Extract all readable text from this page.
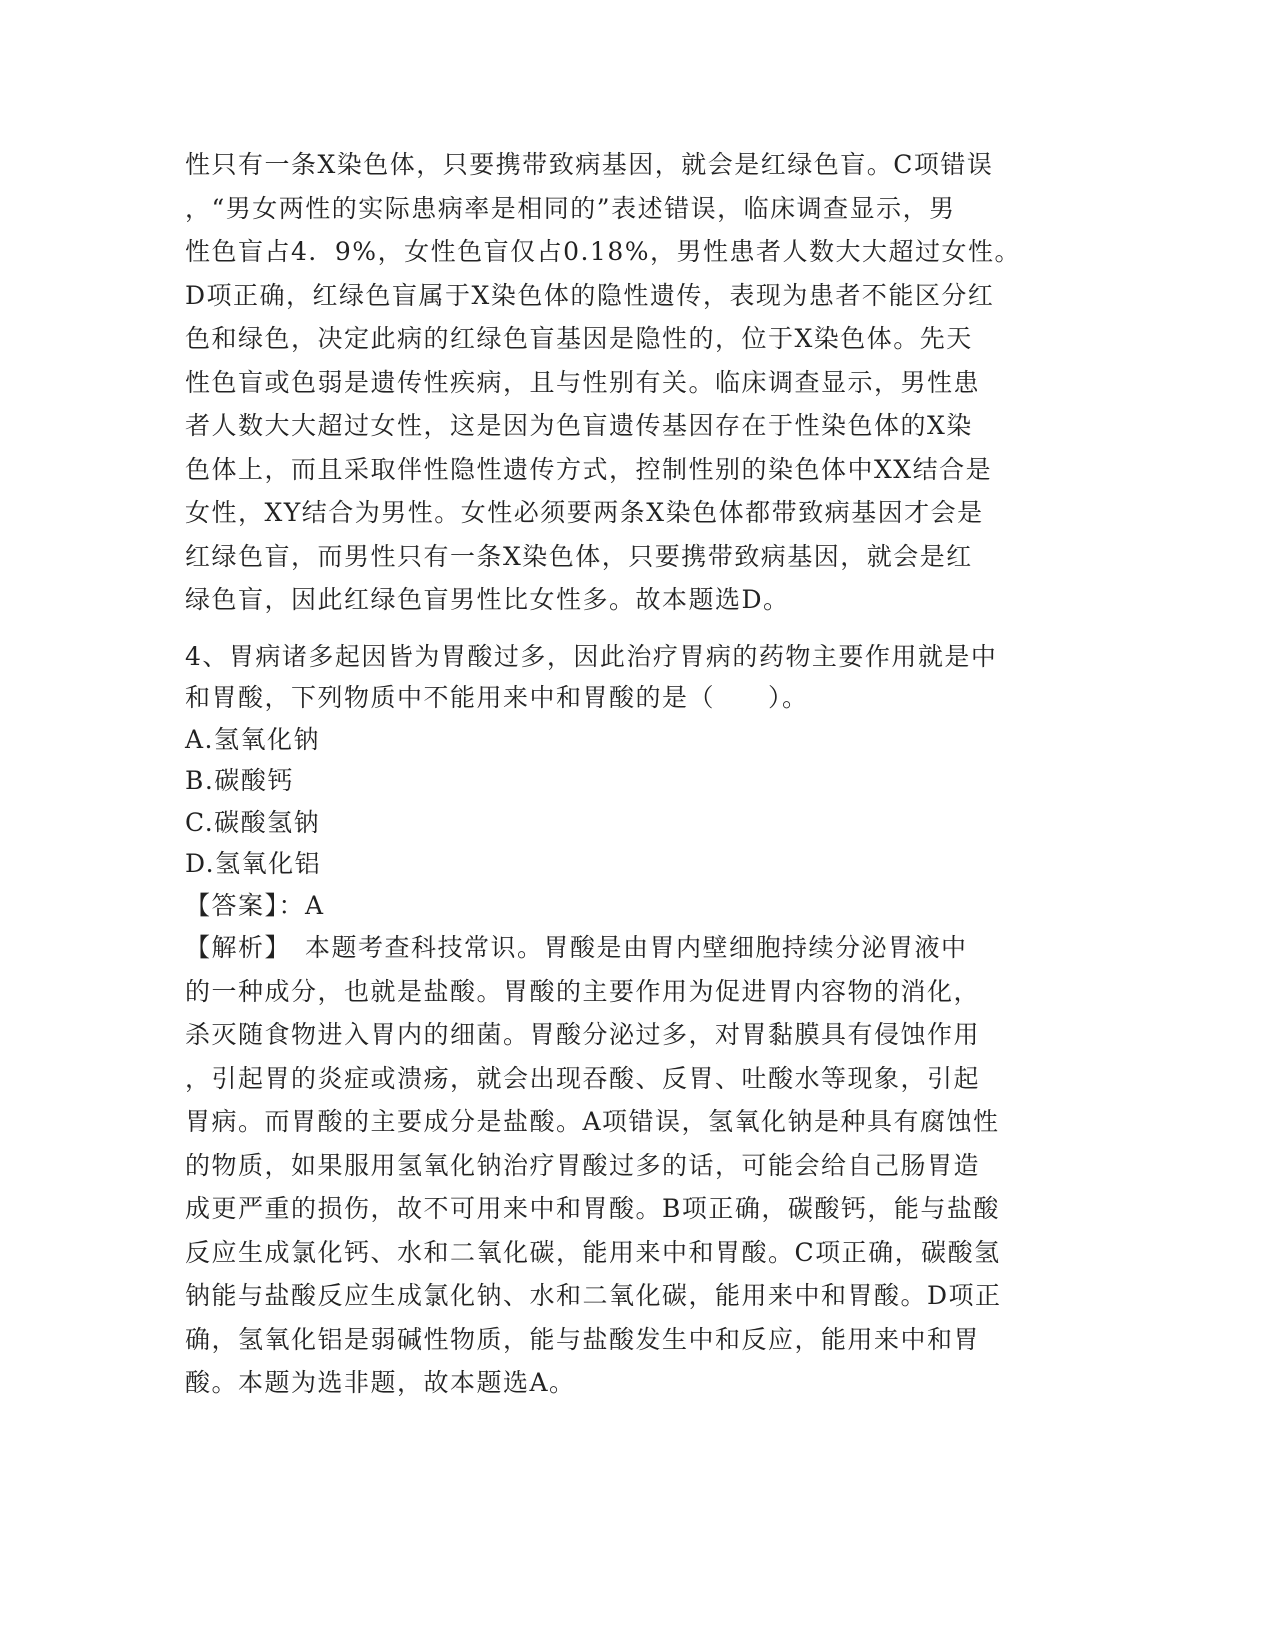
性只有一条X染色体，只要携带致病基因，就会是红绿色盲。C项错误
，“男女两性的实际患病率是相同的”表述错误，临床调查显示，男
性色盲占4．9%，女性色盲仅占0.18%，男性患者人数大大超过女性。
D项正确，红绿色盲属于X染色体的隐性遗传，表现为患者不能区分红
色和绿色，决定此病的红绿色盲基因是隐性的，位于X染色体。先天
性色盲或色弱是遗传性疾病，且与性别有关。临床调查显示，男性患
者人数大大超过女性，这是因为色盲遗传基因存在于性染色体的X染
色体上，而且采取伴性隐性遗传方式，控制性别的染色体中XX结合是
女性，XY结合为男性。女性必须要两条X染色体都带致病基因才会是
红绿色盲，而男性只有一条X染色体，只要携带致病基因，就会是红
绿色盲，因此红绿色盲男性比女性多。故本题选D。
4、胃病诸多起因皆为胃酸过多，因此治疗胃病的药物主要作用就是中
和胃酸，下列物质中不能用来中和胃酸的是（　　）。
A.氢氧化钠
B.碳酸钙
C.碳酸氢钠
D.氢氧化铝
【答案】：A
【解析】　本题考查科技常识。胃酸是由胃内壁细胞持续分泌胃液中
的一种成分，也就是盐酸。胃酸的主要作用为促进胃内容物的消化，
杀灭随食物进入胃内的细菌。胃酸分泌过多，对胃黏膜具有侵蚀作用
，引起胃的炎症或溃疡，就会出现吞酸、反胃、吐酸水等现象，引起
胃病。而胃酸的主要成分是盐酸。A项错误，氢氧化钠是种具有腐蚀性
的物质，如果服用氢氧化钠治疗胃酸过多的话，可能会给自己肠胃造
成更严重的损伤，故不可用来中和胃酸。B项正确，碳酸钙，能与盐酸
反应生成氯化钙、水和二氧化碳，能用来中和胃酸。C项正确，碳酸氢
钠能与盐酸反应生成氯化钠、水和二氧化碳，能用来中和胃酸。D项正
确，氢氧化铝是弱碱性物质，能与盐酸发生中和反应，能用来中和胃
酸。本题为选非题，故本题选A。
